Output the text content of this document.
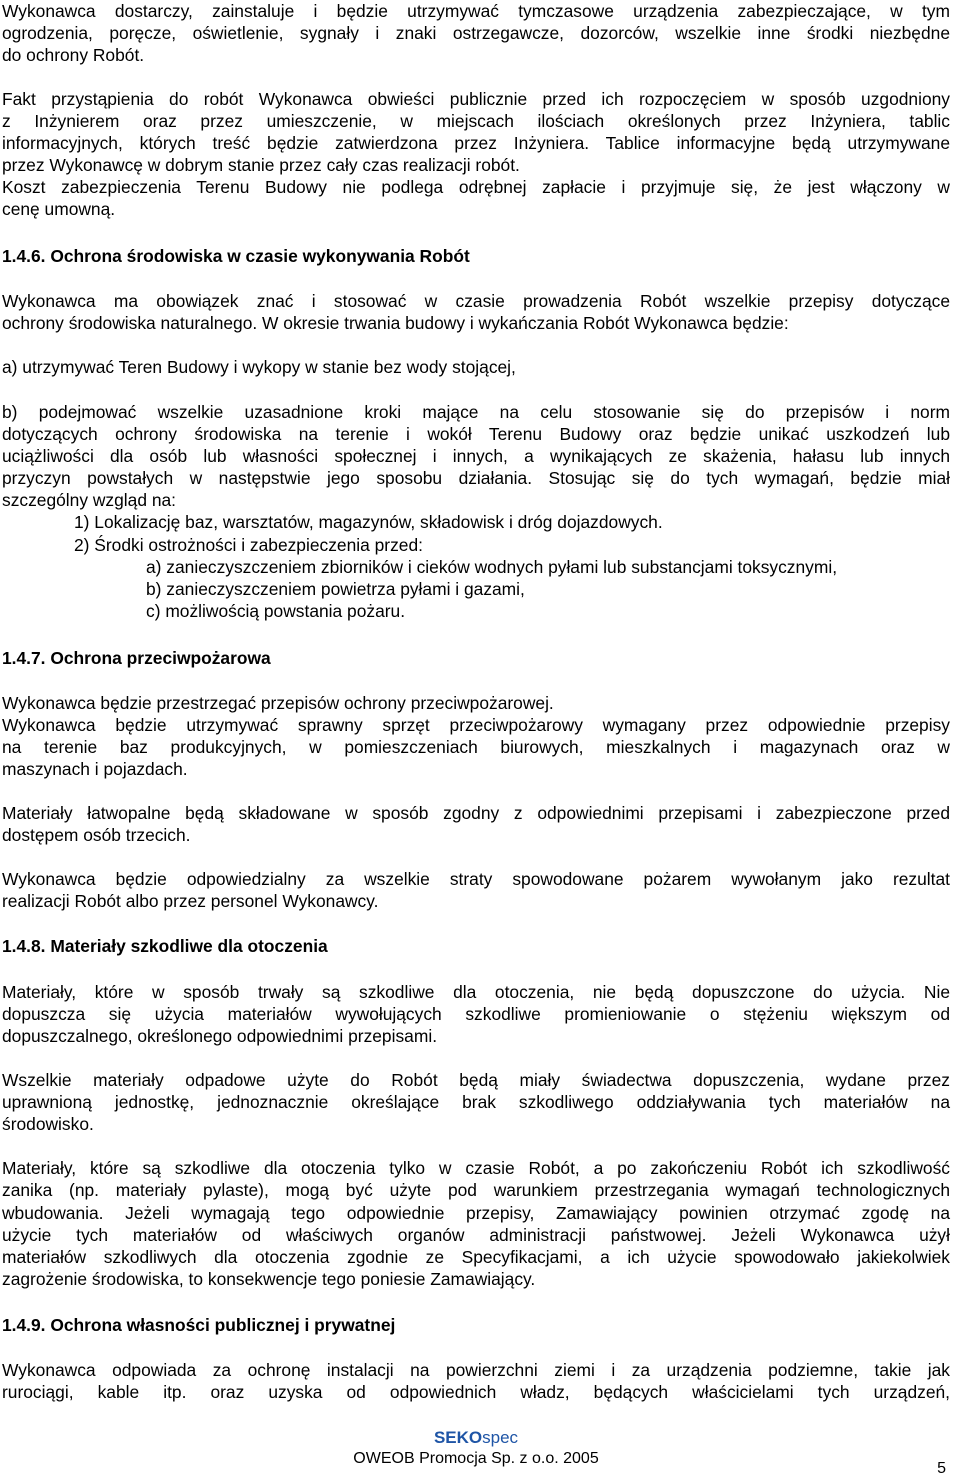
Wykonawca dostarczy, zainstaluje i będzie utrzymywać tymczasowe urządzenia zabezpieczające, w tym
ogrodzenia, poręcze, oświetlenie, sygnały i znaki ostrzegawcze, dozorców, wszelkie inne środki niezbędne
do ochrony Robót.
Fakt przystąpienia do robót Wykonawca obwieści publicznie przed ich rozpoczęciem w sposób uzgodniony
z Inżynierem oraz przez umieszczenie, w miejscach ilościach określonych przez Inżyniera, tablic
informacyjnych, których treść będzie zatwierdzona przez Inżyniera. Tablice informacyjne będą utrzymywane
przez Wykonawcę w dobrym stanie przez cały czas realizacji robót.
Koszt zabezpieczenia Terenu Budowy nie podlega odrębnej zapłacie i przyjmuje się, że jest włączony w
cenę umowną.
1.4.6. Ochrona środowiska w czasie wykonywania Robót
Wykonawca ma obowiązek znać i stosować w czasie prowadzenia Robót wszelkie przepisy dotyczące
ochrony środowiska naturalnego. W okresie trwania budowy i wykańczania Robót Wykonawca będzie:
a) utrzymywać Teren Budowy i wykopy w stanie bez wody stojącej,
b) podejmować wszelkie uzasadnione kroki mające na celu stosowanie się do przepisów i norm
dotyczących ochrony środowiska na terenie i wokół Terenu Budowy oraz będzie unikać uszkodzeń lub
uciążliwości dla osób lub własności społecznej i innych, a wynikających ze skażenia, hałasu lub innych
przyczyn powstałych w następstwie jego sposobu działania. Stosując się do tych wymagań, będzie miał
szczególny wzgląd na:
1) Lokalizację baz, warsztatów, magazynów, składowisk i dróg dojazdowych.
2) Środki ostrożności i zabezpieczenia przed:
a) zanieczyszczeniem zbiorników i cieków wodnych pyłami lub substancjami toksycznymi,
b) zanieczyszczeniem powietrza pyłami i gazami,
c) możliwością powstania pożaru.
1.4.7. Ochrona przeciwpożarowa
Wykonawca będzie przestrzegać przepisów ochrony przeciwpożarowej.
Wykonawca będzie utrzymywać sprawny sprzęt przeciwpożarowy wymagany przez odpowiednie przepisy
na terenie baz produkcyjnych, w pomieszczeniach biurowych, mieszkalnych i magazynach oraz w
maszynach i pojazdach.
Materiały łatwopalne będą składowane w sposób zgodny z odpowiednimi przepisami i zabezpieczone przed
dostępem osób trzecich.
Wykonawca będzie odpowiedzialny za wszelkie straty spowodowane pożarem wywołanym jako rezultat
realizacji Robót albo przez personel Wykonawcy.
1.4.8. Materiały szkodliwe dla otoczenia
Materiały, które w sposób trwały są szkodliwe dla otoczenia, nie będą dopuszczone do użycia. Nie
dopuszcza się użycia materiałów wywołujących szkodliwe promieniowanie o stężeniu większym od
dopuszczalnego, określonego odpowiednimi przepisami.
Wszelkie materiały odpadowe użyte do Robót będą miały świadectwa dopuszczenia, wydane przez
uprawnioną jednostkę, jednoznacznie określające brak szkodliwego oddziaływania tych materiałów na
środowisko.
Materiały, które są szkodliwe dla otoczenia tylko w czasie Robót, a po zakończeniu Robót ich szkodliwość
zanika (np. materiały pylaste), mogą być użyte pod warunkiem przestrzegania wymagań technologicznych
wbudowania. Jeżeli wymagają tego odpowiednie przepisy, Zamawiający powinien otrzymać zgodę na
użycie tych materiałów od właściwych organów administracji państwowej. Jeżeli Wykonawca użył
materiałów szkodliwych dla otoczenia zgodnie ze Specyfikacjami, a ich użycie spowodowało jakiekolwiek
zagrożenie środowiska, to konsekwencje tego poniesie Zamawiający.
1.4.9. Ochrona własności publicznej i prywatnej
Wykonawca odpowiada za ochronę instalacji na powierzchni ziemi i za urządzenia podziemne, takie jak
rurociągi, kable itp. oraz uzyska od odpowiednich władz, będących właścicielami tych urządzeń,
SEKOspec
OWEOB Promocja Sp. z o.o. 2005
5
